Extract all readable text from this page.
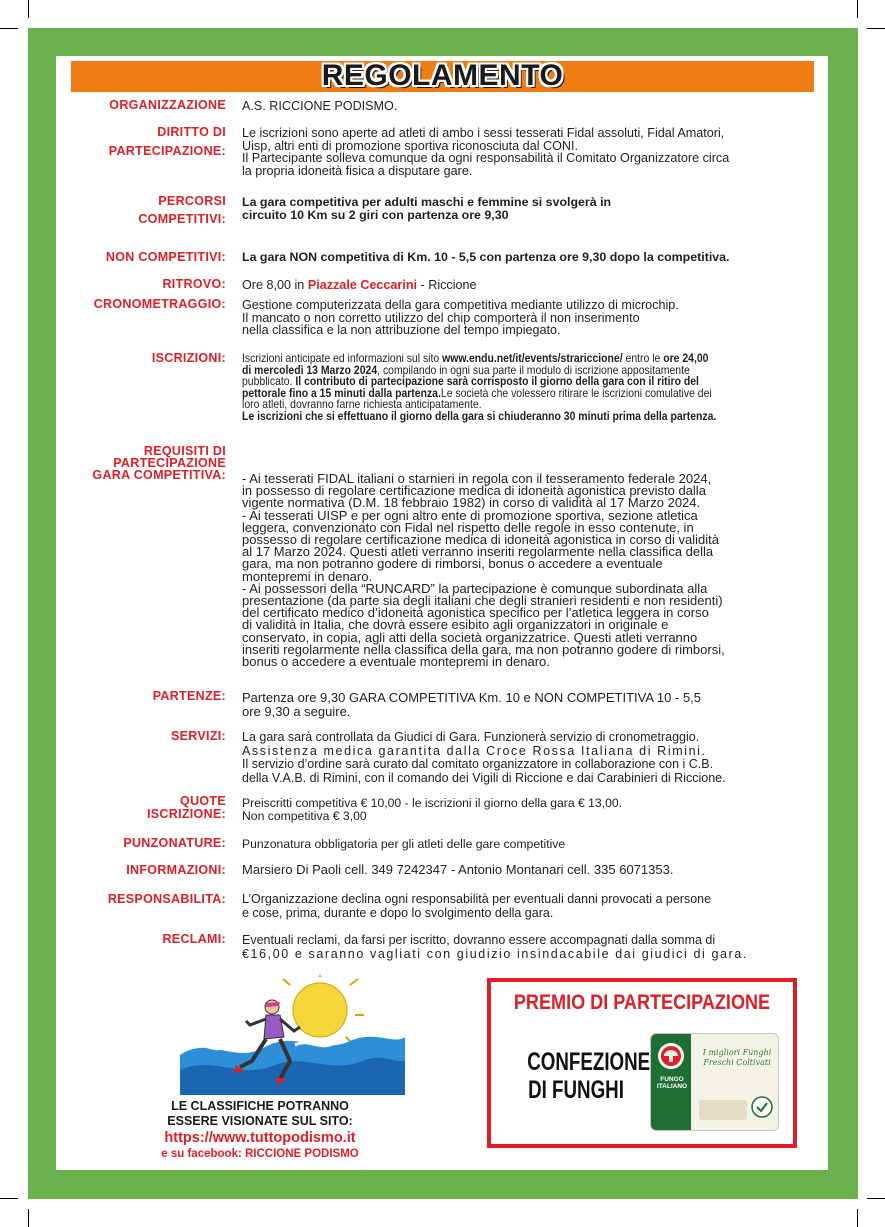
REGOLAMENTO
ORGANIZZAZIONE A.S. RICCIONE PODISMO.
DIRITTO DI
PARTECIPAZIONE:
Le iscrizioni sono aperte ad atleti di ambo i sessi tesserati Fidal assoluti, Fidal Amatori,
Uisp, altri enti di promozione sportiva riconosciuta dal CONI.
Il Partecipante solleva comunque da ogni responsabilità il Comitato Organizzatore circa
la propria idoneità fisica a disputare gare.
PERCORSI
COMPETITIVI:
La gara competitiva per adulti maschi e femmine si svolgerà in
circuito 10 Km su 2 giri con partenza ore 9,30
NON COMPETITIVI: La gara NON competitiva di Km. 10 - 5,5 con partenza ore 9,30 dopo la competitiva.
RITROVO: Ore 8,00 in Piazzale Ceccarini - Riccione
CRONOMETRAGGIO: Gestione computerizzata della gara competitiva mediante utilizzo di microchip.
Il mancato o non corretto utilizzo del chip comporterà il non inserimento
nella classifica e la non attribuzione del tempo impiegato.
ISCRIZIONI: Iscrizioni anticipate ed informazioni sul sito www.endu.net/it/events/strariccione/ entro le ore 24,00
di mercoledì 13 Marzo 2024, compilando in ogni sua parte il modulo di iscrizione appositamente
pubblicato. Il contributo di partecipazione sarà corrisposto il giorno della gara con il ritiro del
pettorale fino a 15 minuti dalla partenza.Le società che volessero ritirare le iscrizioni comulative dei
loro atleti, dovranno farne richiesta anticipatamente.
Le iscrizioni che si effettuano il giorno della gara si chiuderanno 30 minuti prima della partenza.
REQUISITI DI
PARTECIPAZIONE
GARA COMPETITIVA: - Ai tesserati FIDAL italiani o starnieri in regola con il tesseramento federale 2024,
in possesso di regolare certificazione medica di idoneità agonistica previsto dalla
vigente normativa (D.M. 18 febbraio 1982) in corso di validità al 17 Marzo 2024.
- Ai tesserati UISP e per ogni altro ente di promozione sportiva, sezione atletica
leggera, convenzionato con Fidal nel rispetto delle regole in esso contenute, in
possesso di regolare certificazione medica di idoneità agonistica in corso di validità
al 17 Marzo 2024. Questi atleti verranno inseriti regolarmente nella classifica della
gara, ma non potranno godere di rimborsi, bonus o accedere a eventuale
montepremi in denaro.
- Ai possessori della “RUNCARD” la partecipazione è comunque subordinata alla
presentazione (da parte sia degli italiani che degli stranieri residenti e non residenti)
del certificato medico d’idoneità agonistica specifico per l’atletica leggera in corso
di validità in Italia, che dovrà essere esibito agli organizzatori in originale e
conservato, in copia, agli atti della società organizzatrice. Questi atleti verranno
inseriti regolarmente nella classifica della gara, ma non potranno godere di rimborsi,
bonus o accedere a eventuale montepremi in denaro.
PARTENZE: Partenza ore 9,30 GARA COMPETITIVA Km. 10 e NON COMPETITIVA 10 - 5,5
ore 9,30 a seguire.
SERVIZI: La gara sarà controllata da Giudici di Gara. Funzionerà servizio di cronometraggio.
Assistenza medica garantita dalla Croce Rossa Italiana di Rimini.
Il servizio d’ordine sarà curato dal comitato organizzatore in collaborazione con i C.B.
della V.A.B. di Rimini, con il comando dei Vigili di Riccione e dai Carabinieri di Riccione.
QUOTE
ISCRIZIONE:
Preiscritti competitiva € 10,00 - le iscrizioni il giorno della gara € 13,00.
Non competitiva € 3,00
PUNZONATURE: Punzonatura obbligatoria per gli atleti delle gare competitive
INFORMAZIONI: Marsiero Di Paoli cell. 349 7242347 - Antonio Montanari cell. 335 6071353.
RESPONSABILITA: L’Organizzazione declina ogni responsabilità per eventuali danni provocati a persone
e cose, prima, durante e dopo lo svolgimento della gara.
RECLAMI: Eventuali reclami, da farsi per iscritto, dovranno essere accompagnati dalla somma di
€16,00 e saranno vagliati con giudizio insindacabile dai giudici di gara.
LE CLASSIFICHE POTRANNO
ESSERE VISIONATE SUL SITO:
https://www.tuttopodismo.it
e su facebook: RICCIONE PODISMO
PREMIO DI PARTECIPAZIONE
CONFEZIONE
DI FUNGHI	FUNGO ITALIANO
I migliori Funghi Freschi Coltivati
